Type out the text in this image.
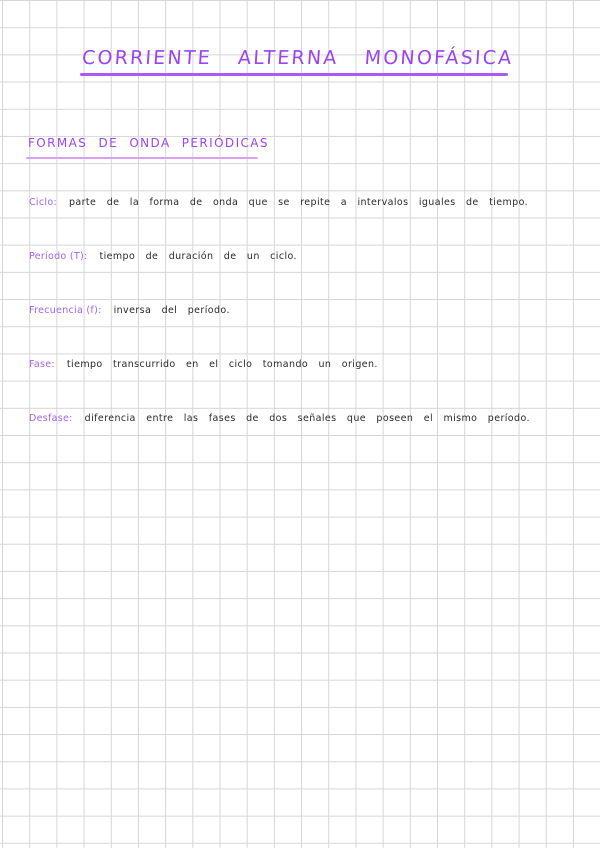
CORRIENTE ALTERNA MONOFÁSICA
FORMAS DE ONDA PERIÓDICAS
Ciclo: parte de la forma de onda que se repite a intervalos iguales de tiempo.
Período (T): tiempo de duración de un ciclo.
Frecuencia (f): inversa del período.
Fase: tiempo transcurrido en el ciclo tomando un origen.
Desfase: diferencia entre las fases de dos señales que poseen el mismo período.
